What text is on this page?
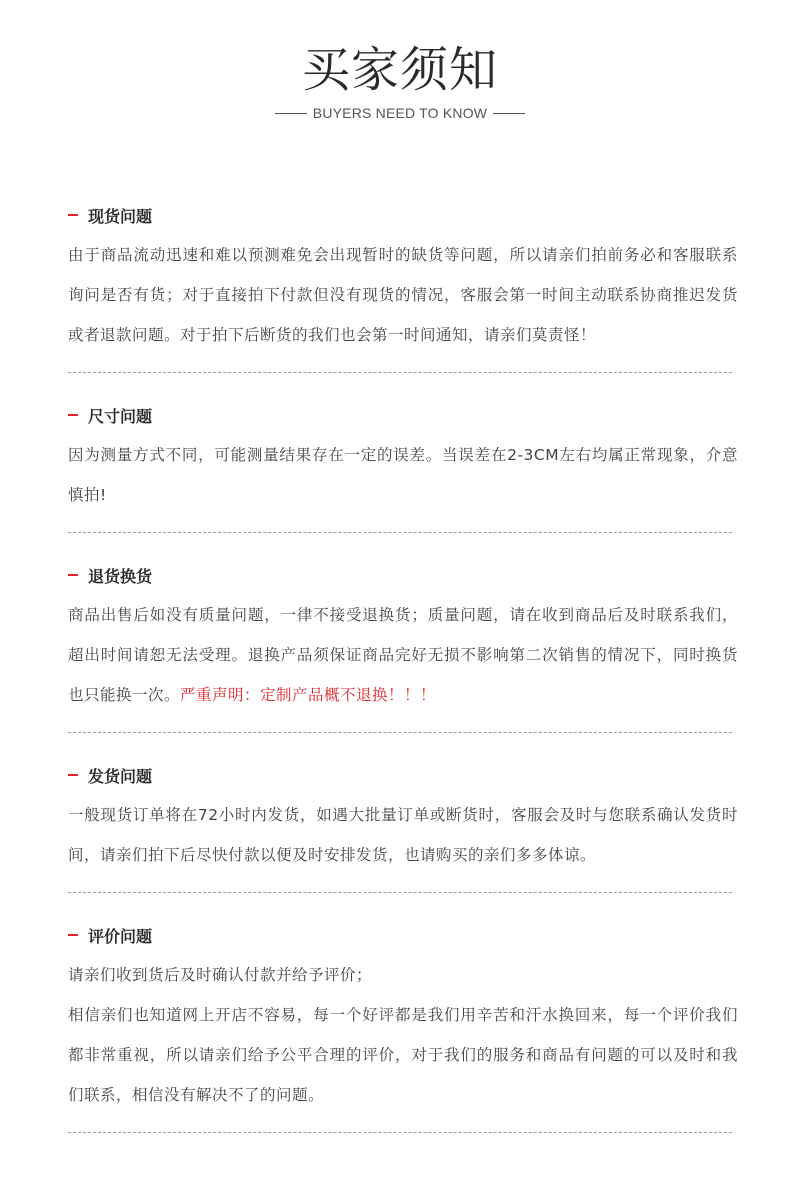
买家须知
BUYERS NEED TO KNOW
现货问题

由于商品流动迅速和难以预测难免会出现暂时的缺货等问题，所以请亲们拍前务必和客服联系询问是否有货；对于直接拍下付款但没有现货的情况，客服会第一时间主动联系协商推迟发货或者退款问题。对于拍下后断货的我们也会第一时间通知，请亲们莫责怪！

尺寸问题

因为测量方式不同，可能测量结果存在一定的误差。当误差在2-3CM左右均属正常现象，介意慎拍!

退货换货

商品出售后如没有质量问题，一律不接受退换货；质量问题，请在收到商品后及时联系我们，超出时间请恕无法受理。退换产品须保证商品完好无损不影响第二次销售的情况下，同时换货也只能换一次。严重声明：定制产品概不退换！！！

发货问题

一般现货订单将在72小时内发货，如遇大批量订单或断货时，客服会及时与您联系确认发货时间，请亲们拍下后尽快付款以便及时安排发货，也请购买的亲们多多体谅。

评价问题

请亲们收到货后及时确认付款并给予评价；

相信亲们也知道网上开店不容易，每一个好评都是我们用辛苦和汗水换回来，每一个评价我们都非常重视，所以请亲们给予公平合理的评价，对于我们的服务和商品有问题的可以及时和我们联系，相信没有解决不了的问题。
